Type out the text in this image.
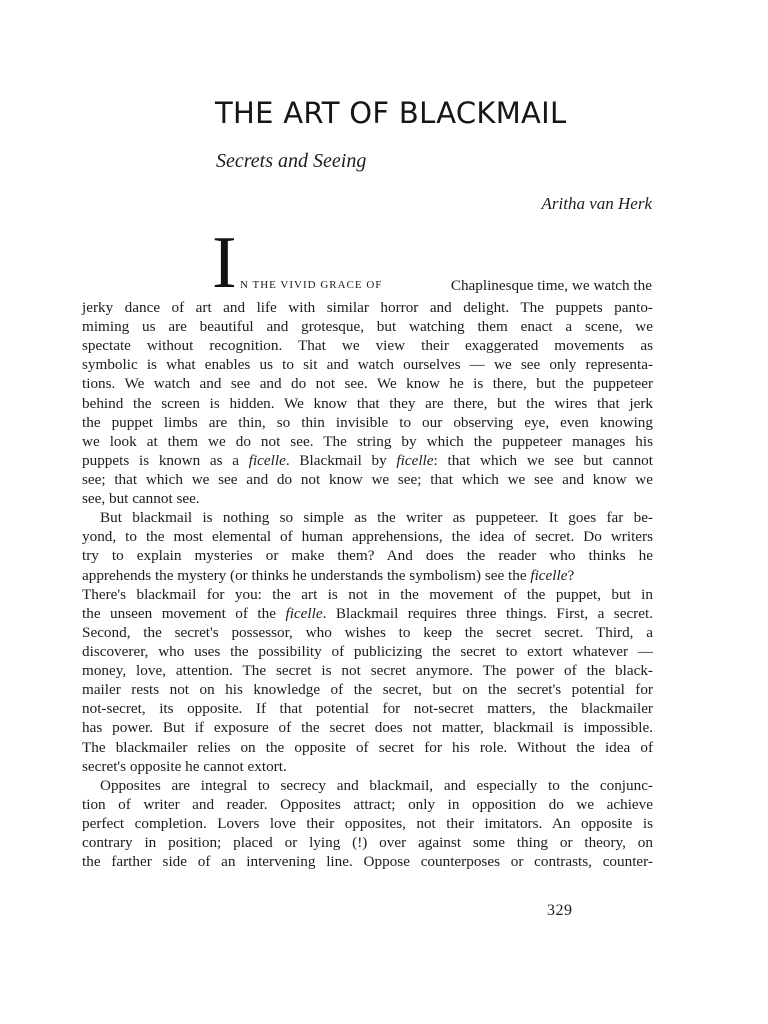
THE ART OF BLACKMAIL
Secrets and Seeing
Aritha van Herk
I N THE VIVID GRACE OF	Chaplinesque time, we watch the
jerky dance of art and life with similar horror and delight. The puppets panto-
miming us are beautiful and grotesque, but watching them enact a scene, we
spectate without recognition. That we view their exaggerated movements as
symbolic is what enables us to sit and watch ourselves — we see only representa-
tions. We watch and see and do not see. We know he is there, but the puppeteer
behind the screen is hidden. We know that they are there, but the wires that jerk
the puppet limbs are thin, so thin invisible to our observing eye, even knowing
we look at them we do not see. The string by which the puppeteer manages his
puppets is known as a ficelle. Blackmail by ficelle: that which we see but cannot
see; that which we see and do not know we see; that which we see and know we
see, but cannot see.
But blackmail is nothing so simple as the writer as puppeteer. It goes far be-
yond, to the most elemental of human apprehensions, the idea of secret. Do writers
try to explain mysteries or make them? And does the reader who thinks he
apprehends the mystery (or thinks he understands the symbolism) see the ficelle?
There's blackmail for you: the art is not in the movement of the puppet, but in
the unseen movement of the ficelle. Blackmail requires three things. First, a secret.
Second, the secret's possessor, who wishes to keep the secret secret. Third, a
discoverer, who uses the possibility of publicizing the secret to extort whatever —
money, love, attention. The secret is not secret anymore. The power of the black-
mailer rests not on his knowledge of the secret, but on the secret's potential for
not-secret, its opposite. If that potential for not-secret matters, the blackmailer
has power. But if exposure of the secret does not matter, blackmail is impossible.
The blackmailer relies on the opposite of secret for his role. Without the idea of
secret's opposite he cannot extort.
Opposites are integral to secrecy and blackmail, and especially to the conjunc-
tion of writer and reader. Opposites attract; only in opposition do we achieve
perfect completion. Lovers love their opposites, not their imitators. An opposite is
contrary in position; placed or lying (!) over against some thing or theory, on
the farther side of an intervening line. Oppose counterposes or contrasts, counter-
329
